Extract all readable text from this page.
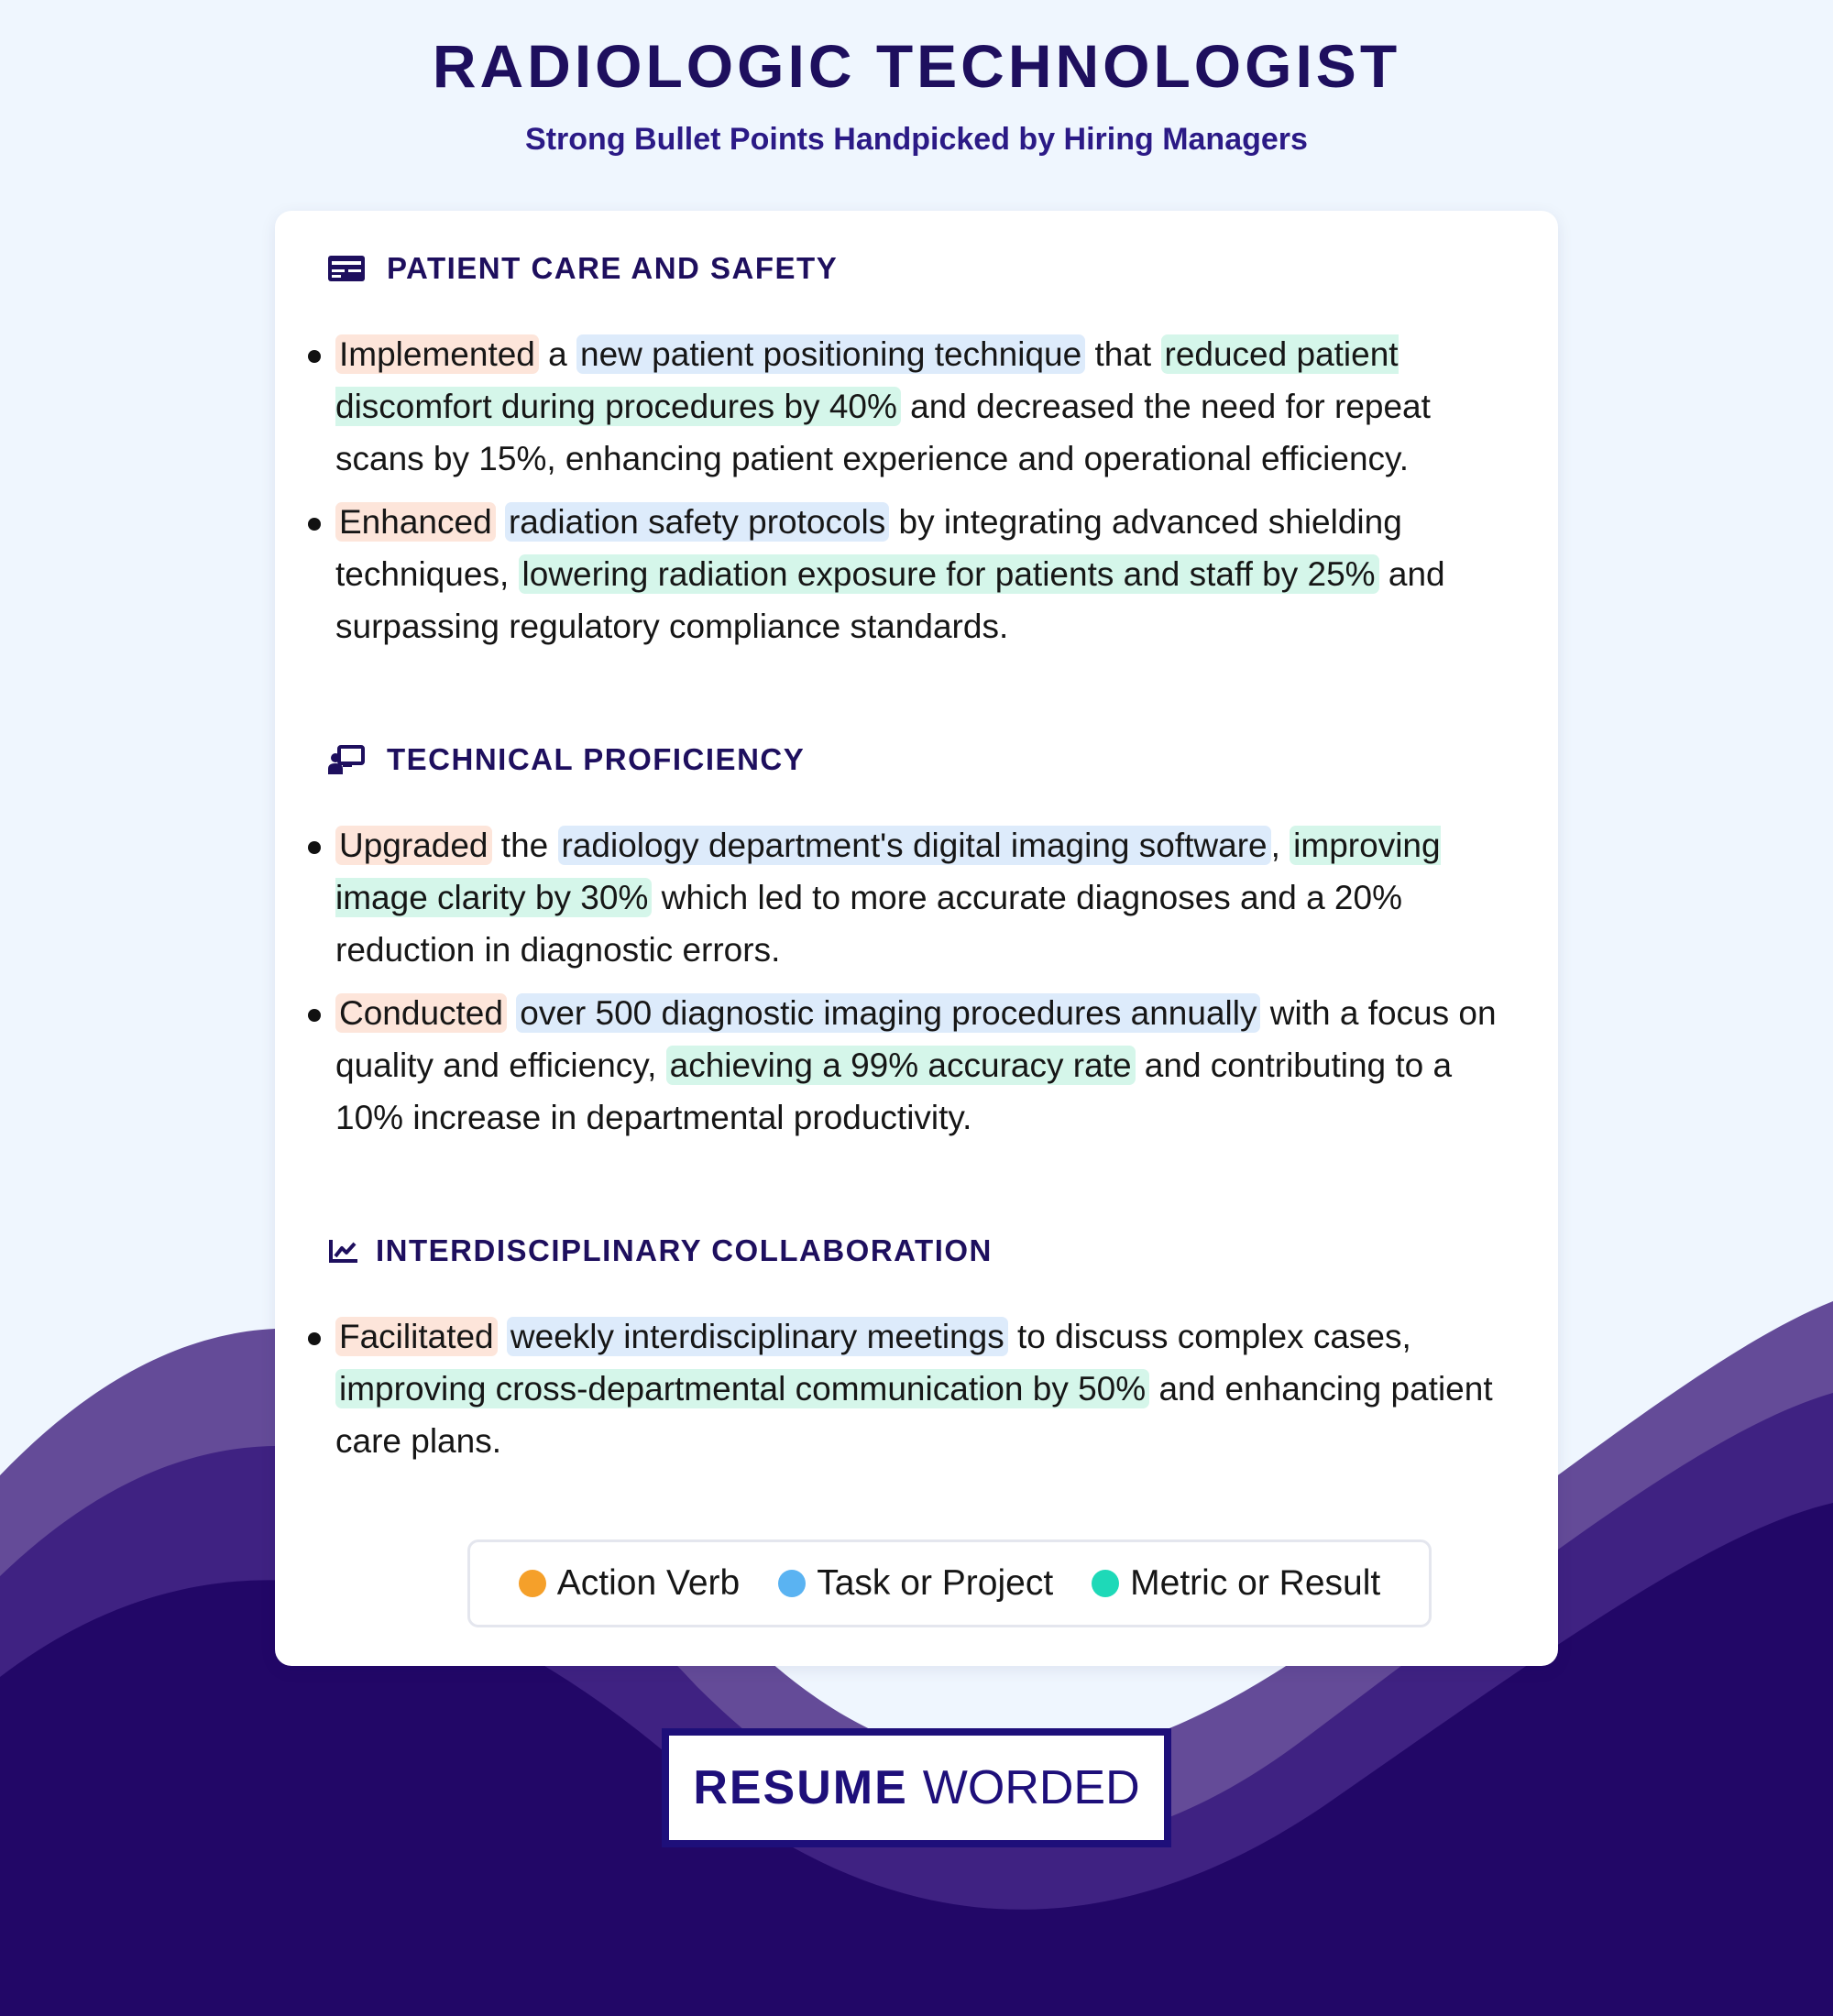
RADIOLOGIC TECHNOLOGIST
Strong Bullet Points Handpicked by Hiring Managers
PATIENT CARE AND SAFETY
Implemented a new patient positioning technique that reduced patient discomfort during procedures by 40% and decreased the need for repeat scans by 15%, enhancing patient experience and operational efficiency.
Enhanced radiation safety protocols by integrating advanced shielding techniques, lowering radiation exposure for patients and staff by 25% and surpassing regulatory compliance standards.
TECHNICAL PROFICIENCY
Upgraded the radiology department's digital imaging software , improving image clarity by 30% which led to more accurate diagnoses and a 20% reduction in diagnostic errors.
Conducted over 500 diagnostic imaging procedures annually with a focus on quality and efficiency, achieving a 99% accuracy rate and contributing to a 10% increase in departmental productivity.
INTERDISCIPLINARY COLLABORATION
Facilitated weekly interdisciplinary meetings to discuss complex cases, improving cross-departmental communication by 50% and enhancing patient care plans.
Action Verb Task or Project Metric or Result
RESUME WORDED
